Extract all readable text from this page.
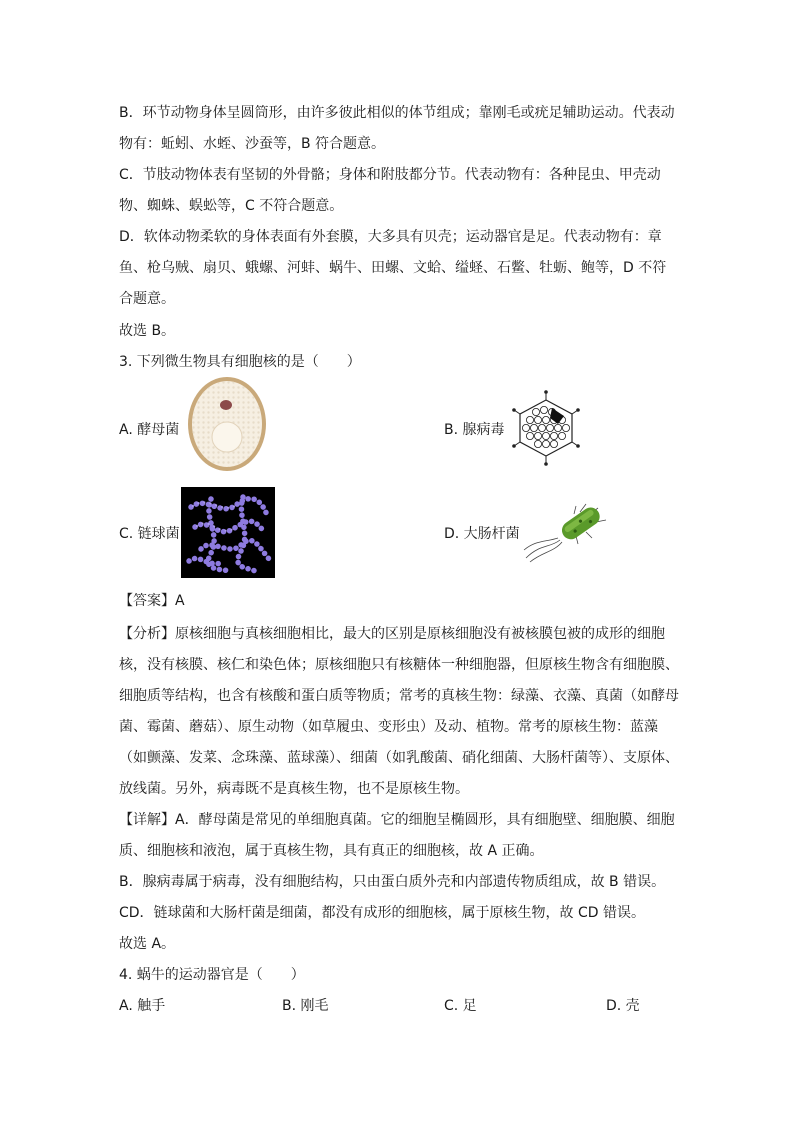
B．环节动物身体呈圆筒形，由许多彼此相似的体节组成；靠刚毛或疣足辅助运动。代表动物有：蚯蚓、水蛭、沙蚕等，B 符合题意。

C．节肢动物体表有坚韧的外骨骼；身体和附肢都分节。代表动物有：各种昆虫、甲壳动物、蜘蛛、蜈蚣等，C 不符合题意。

D．软体动物柔软的身体表面有外套膜，大多具有贝壳；运动器官是足。代表动物有：章鱼、枪乌贼、扇贝、蛾螺、河蚌、蜗牛、田螺、文蛤、缢蛏、石鳖、牡蛎、鲍等，D 不符合题意。

故选 B。
3. 下列微生物具有细胞核的是（　　）
A. 酵母菌	B. 腺病毒
C. 链球菌	D. 大肠杆菌
【答案】A

【分析】原核细胞与真核细胞相比，最大的区别是原核细胞没有被核膜包被的成形的细胞核，没有核膜、核仁和染色体；原核细胞只有核糖体一种细胞器，但原核生物含有细胞膜、细胞质等结构，也含有核酸和蛋白质等物质；常考的真核生物：绿藻、衣藻、真菌（如酵母菌、霉菌、蘑菇）、原生动物（如草履虫、变形虫）及动、植物。常考的原核生物：蓝藻（如颤藻、发菜、念珠藻、蓝球藻）、细菌（如乳酸菌、硝化细菌、大肠杆菌等）、支原体、放线菌。另外，病毒既不是真核生物，也不是原核生物。

【详解】A．酵母菌是常见的单细胞真菌。它的细胞呈椭圆形，具有细胞壁、细胞膜、细胞质、细胞核和液泡，属于真核生物，具有真正的细胞核，故 A 正确。

B．腺病毒属于病毒，没有细胞结构，只由蛋白质外壳和内部遗传物质组成，故 B 错误。
CD．链球菌和大肠杆菌是细菌，都没有成形的细胞核，属于原核生物，故 CD 错误。
故选 A。
4. 蜗牛的运动器官是（　　）
A. 触手	B. 刚毛	C. 足	D. 壳
